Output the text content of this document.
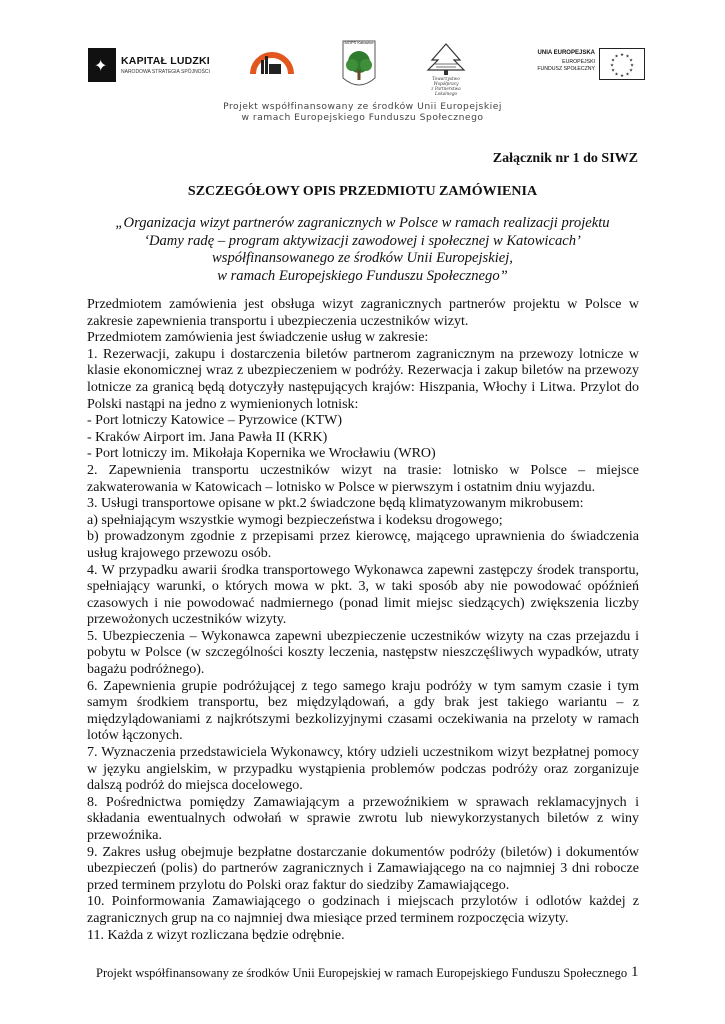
✦ KAPITAŁ LUDZKI
NARODOWA STRATEGIA SPÓJNOŚCI
MOPS Katowice
Towarzystwo Współpracy
z Partnerstwa Lokalnego
UNIA EUROPEJSKA
EUROPEJSKI
FUNDUSZ SPOŁECZNY
★ ★
★
★
★
★
★
★
★
★
★
★
Projekt współfinansowany ze środków Unii Europejskiej
w ramach Europejskiego Funduszu Społecznego
Załącznik nr 1 do SIWZ
SZCZEGÓŁOWY OPIS PRZEDMIOTU ZAMÓWIENIA
„Organizacja wizyt partnerów zagranicznych w Polsce w ramach realizacji projektu
‘Damy radę – program aktywizacji zawodowej i społecznej w Katowicach’
współfinansowanego ze środków Unii Europejskiej,
w ramach Europejskiego Funduszu Społecznego”

Przedmiotem zamówienia jest obsługa wizyt zagranicznych partnerów projektu w Polsce w zakresie zapewnienia transportu i ubezpieczenia uczestników wizyt.

Przedmiotem zamówienia jest świadczenie usług w zakresie:

1. Rezerwacji, zakupu i dostarczenia biletów partnerom zagranicznym na przewozy lotnicze w klasie ekonomicznej wraz z ubezpieczeniem w podróży. Rezerwacja i zakup biletów na przewozy lotnicze za granicą będą dotyczyły następujących krajów: Hiszpania, Włochy i Litwa. Przylot do Polski nastąpi na jedno z wymienionych lotnisk:

- Port lotniczy Katowice – Pyrzowice (KTW)

- Kraków Airport im. Jana Pawła II (KRK)

- Port lotniczy im. Mikołaja Kopernika we Wrocławiu (WRO)

2. Zapewnienia transportu uczestników wizyt na trasie: lotnisko w Polsce – miejsce zakwaterowania w Katowicach – lotnisko w Polsce w pierwszym i ostatnim dniu wyjazdu.

3. Usługi transportowe opisane w pkt.2 świadczone będą klimatyzowanym mikrobusem:

a) spełniającym wszystkie wymogi bezpieczeństwa i kodeksu drogowego;

b) prowadzonym zgodnie z przepisami przez kierowcę, mającego uprawnienia do świadczenia usług krajowego przewozu osób.

4. W przypadku awarii środka transportowego Wykonawca zapewni zastępczy środek transportu, spełniający warunki, o których mowa w pkt. 3, w taki sposób aby nie powodować opóźnień czasowych i nie powodować nadmiernego (ponad limit miejsc siedzących) zwiększenia liczby przewożonych uczestników wizyty.

5. Ubezpieczenia – Wykonawca zapewni ubezpieczenie uczestników wizyty na czas przejazdu i pobytu w Polsce (w szczególności koszty leczenia, następstw nieszczęśliwych wypadków, utraty bagażu podróżnego).

6. Zapewnienia grupie podróżującej z tego samego kraju podróży w tym samym czasie i tym samym środkiem transportu, bez międzylądowań, a gdy brak jest takiego wariantu – z międzylądowaniami z najkrótszymi bezkolizyjnymi czasami oczekiwania na przeloty w ramach lotów łączonych.

7. Wyznaczenia przedstawiciela Wykonawcy, który udzieli uczestnikom wizyt bezpłatnej pomocy w języku angielskim, w przypadku wystąpienia problemów podczas podróży oraz zorganizuje dalszą podróż do miejsca docelowego.

8. Pośrednictwa pomiędzy Zamawiającym a przewoźnikiem w sprawach reklamacyjnych i składania ewentualnych odwołań w sprawie zwrotu lub niewykorzystanych biletów z winy przewoźnika.

9. Zakres usług obejmuje bezpłatne dostarczanie dokumentów podróży (biletów) i dokumentów ubezpieczeń (polis) do partnerów zagranicznych i Zamawiającego na co najmniej 3 dni robocze przed terminem przylotu do Polski oraz faktur do siedziby Zamawiającego.

10. Poinformowania Zamawiającego o godzinach i miejscach przylotów i odlotów każdej z zagranicznych grup na co najmniej dwa miesiące przed terminem rozpoczęcia wizyty.

11. Każda z wizyt rozliczana będzie odrębnie.

Projekt współfinansowany ze środków Unii Europejskiej w ramach Europejskiego Funduszu Społecznego 1
